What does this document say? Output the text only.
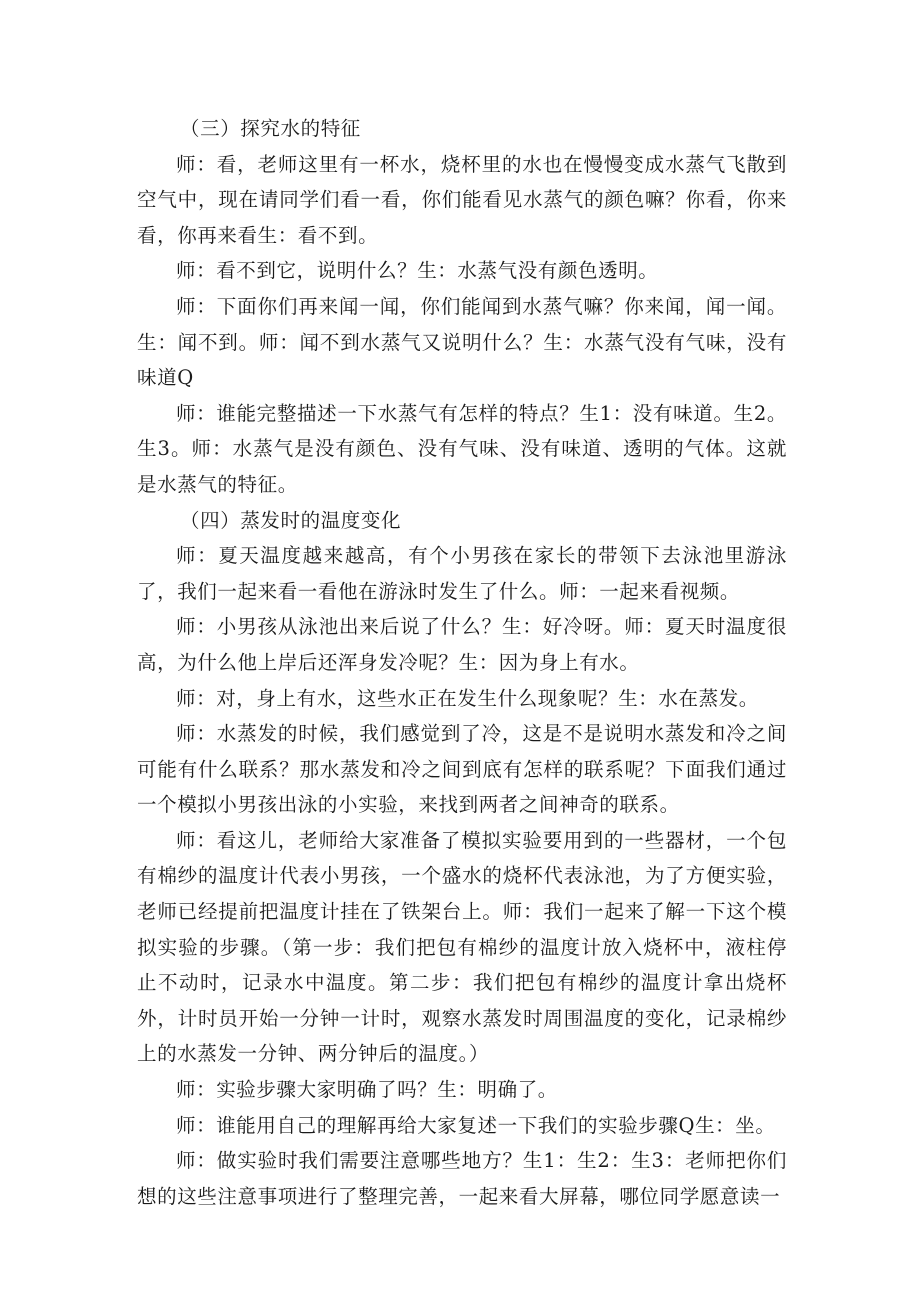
（三）探究水的特征

师：看，老师这里有一杯水，烧杯里的水也在慢慢变成水蒸气飞散到空气中，现在请同学们看一看，你们能看见水蒸气的颜色嘛？你看，你来看，你再来看生：看不到。

师：看不到它，说明什么？生：水蒸气没有颜色透明。

师：下面你们再来闻一闻，你们能闻到水蒸气嘛？你来闻，闻一闻。生：闻不到。师：闻不到水蒸气又说明什么？生：水蒸气没有气味，没有味道Q

师：谁能完整描述一下水蒸气有怎样的特点？生1：没有味道。生2。生3。师：水蒸气是没有颜色、没有气味、没有味道、透明的气体。这就是水蒸气的特征。

（四）蒸发时的温度变化

师：夏天温度越来越高，有个小男孩在家长的带领下去泳池里游泳了，我们一起来看一看他在游泳时发生了什么。师：一起来看视频。

师：小男孩从泳池出来后说了什么？生：好冷呀。师：夏天时温度很高，为什么他上岸后还浑身发冷呢？生：因为身上有水。

师：对，身上有水，这些水正在发生什么现象呢？生：水在蒸发。

师：水蒸发的时候，我们感觉到了冷，这是不是说明水蒸发和冷之间可能有什么联系？那水蒸发和冷之间到底有怎样的联系呢？下面我们通过一个模拟小男孩出泳的小实验，来找到两者之间神奇的联系。

师：看这儿，老师给大家准备了模拟实验要用到的一些器材，一个包有棉纱的温度计代表小男孩，一个盛水的烧杯代表泳池，为了方便实验，老师已经提前把温度计挂在了铁架台上。师：我们一起来了解一下这个模拟实验的步骤。（第一步：我们把包有棉纱的温度计放入烧杯中，液柱停止不动时，记录水中温度。第二步：我们把包有棉纱的温度计拿出烧杯外，计时员开始一分钟一计时，观察水蒸发时周围温度的变化，记录棉纱上的水蒸发一分钟、两分钟后的温度。）

师：实验步骤大家明确了吗？生：明确了。

师：谁能用自己的理解再给大家复述一下我们的实验步骤Q生：坐。

师：做实验时我们需要注意哪些地方？生1：生2：生3：老师把你们想的这些注意事项进行了整理完善，一起来看大屏幕，哪位同学愿意读一
